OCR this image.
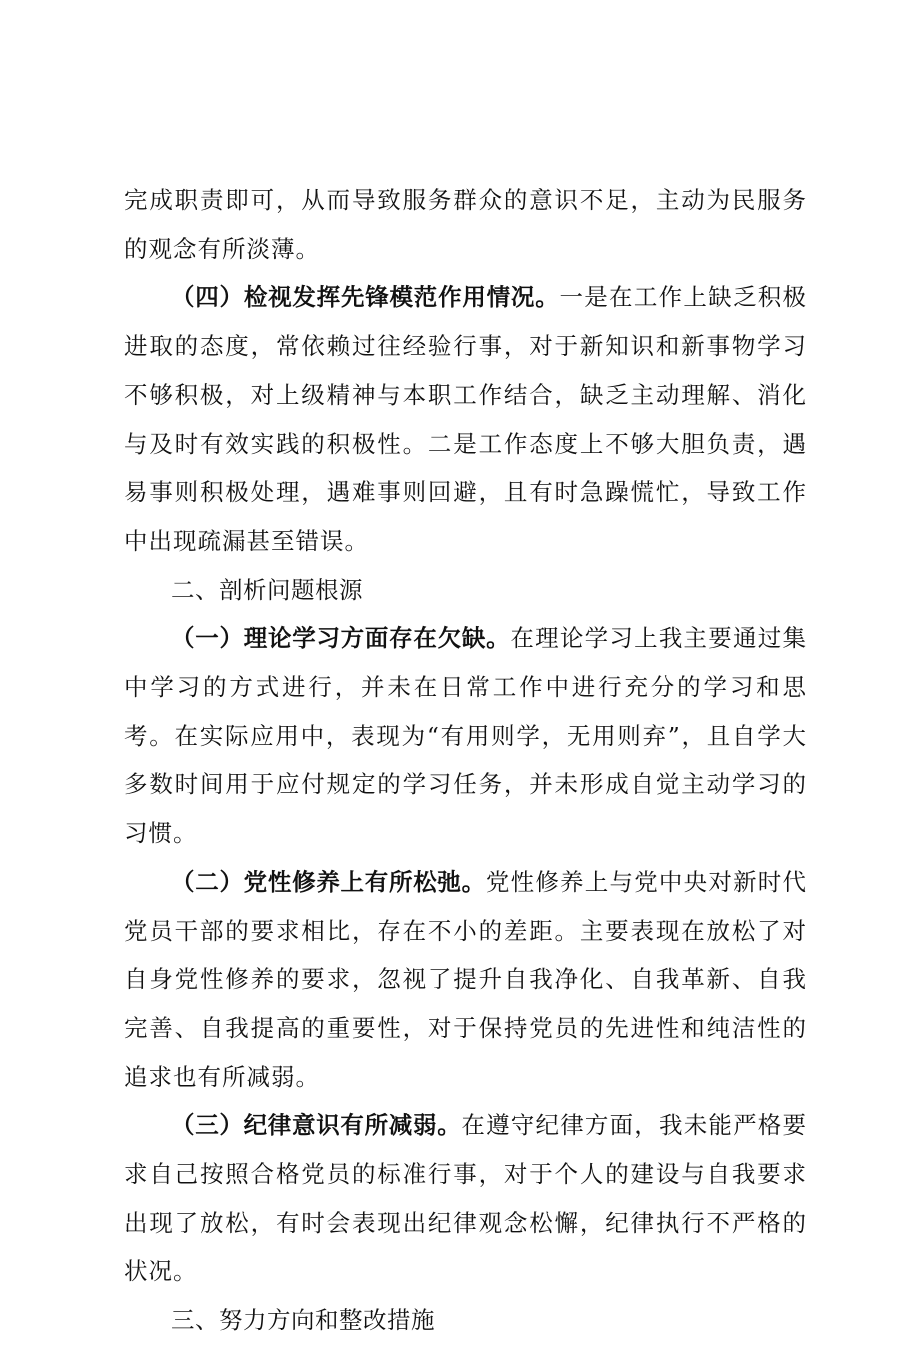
完成职责即可，从而导致服务群众的意识不足，主动为民服务的观念有所淡薄。

（四）检视发挥先锋模范作用情况。一是在工作上缺乏积极进取的态度，常依赖过往经验行事，对于新知识和新事物学习不够积极，对上级精神与本职工作结合，缺乏主动理解、消化与及时有效实践的积极性。二是工作态度上不够大胆负责，遇易事则积极处理，遇难事则回避，且有时急躁慌忙，导致工作中出现疏漏甚至错误。

二、剖析问题根源

（一）理论学习方面存在欠缺。在理论学习上我主要通过集中学习的方式进行，并未在日常工作中进行充分的学习和思考。在实际应用中，表现为“有用则学，无用则弃”，且自学大多数时间用于应付规定的学习任务，并未形成自觉主动学习的习惯。

（二）党性修养上有所松弛。党性修养上与党中央对新时代党员干部的要求相比，存在不小的差距。主要表现在放松了对自身党性修养的要求，忽视了提升自我净化、自我革新、自我完善、自我提高的重要性，对于保持党员的先进性和纯洁性的追求也有所减弱。

（三）纪律意识有所减弱。在遵守纪律方面，我未能严格要求自己按照合格党员的标准行事，对于个人的建设与自我要求出现了放松，有时会表现出纪律观念松懈，纪律执行不严格的状况。

三、努力方向和整改措施
